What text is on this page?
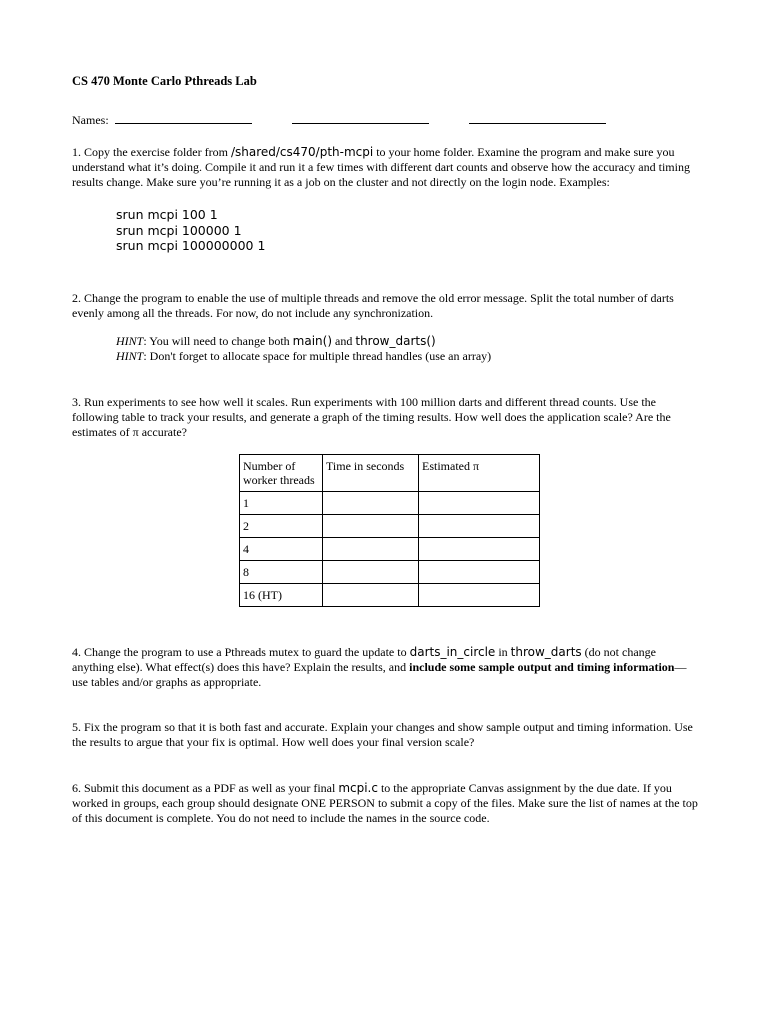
CS 470 Monte Carlo Pthreads Lab
Names:

1. Copy the exercise folder from /shared/cs470/pth-mcpi to your home folder. Examine the program and make sure you understand what it’s doing. Compile it and run it a few times with different dart counts and observe how the accuracy and timing results change. Make sure you’re running it as a job on the cluster and not directly on the login node. Examples:

srun mcpi 100 1
srun mcpi 100000 1
srun mcpi 100000000 1

2. Change the program to enable the use of multiple threads and remove the old error message. Split the total number of darts evenly among all the threads. For now, do not include any synchronization.

HINT: You will need to change both main() and throw_darts()
HINT: Don't forget to allocate space for multiple thread handles (use an array)

3. Run experiments to see how well it scales. Run experiments with 100 million darts and different thread counts. Use the following table to track your results, and generate a graph of the timing results. How well does the application scale? Are the estimates of π accurate?

Number of worker threads	Time in seconds	Estimated π
1		
2		
4		
8		
16 (HT)		

4. Change the program to use a Pthreads mutex to guard the update to darts_in_circle in throw_darts (do not change anything else). What effect(s) does this have? Explain the results, and include some sample output and timing information—use tables and/or graphs as appropriate.

5. Fix the program so that it is both fast and accurate. Explain your changes and show sample output and timing information. Use the results to argue that your fix is optimal. How well does your final version scale?

6. Submit this document as a PDF as well as your final mcpi.c to the appropriate Canvas assignment by the due date. If you worked in groups, each group should designate ONE PERSON to submit a copy of the files. Make sure the list of names at the top of this document is complete. You do not need to include the names in the source code.
